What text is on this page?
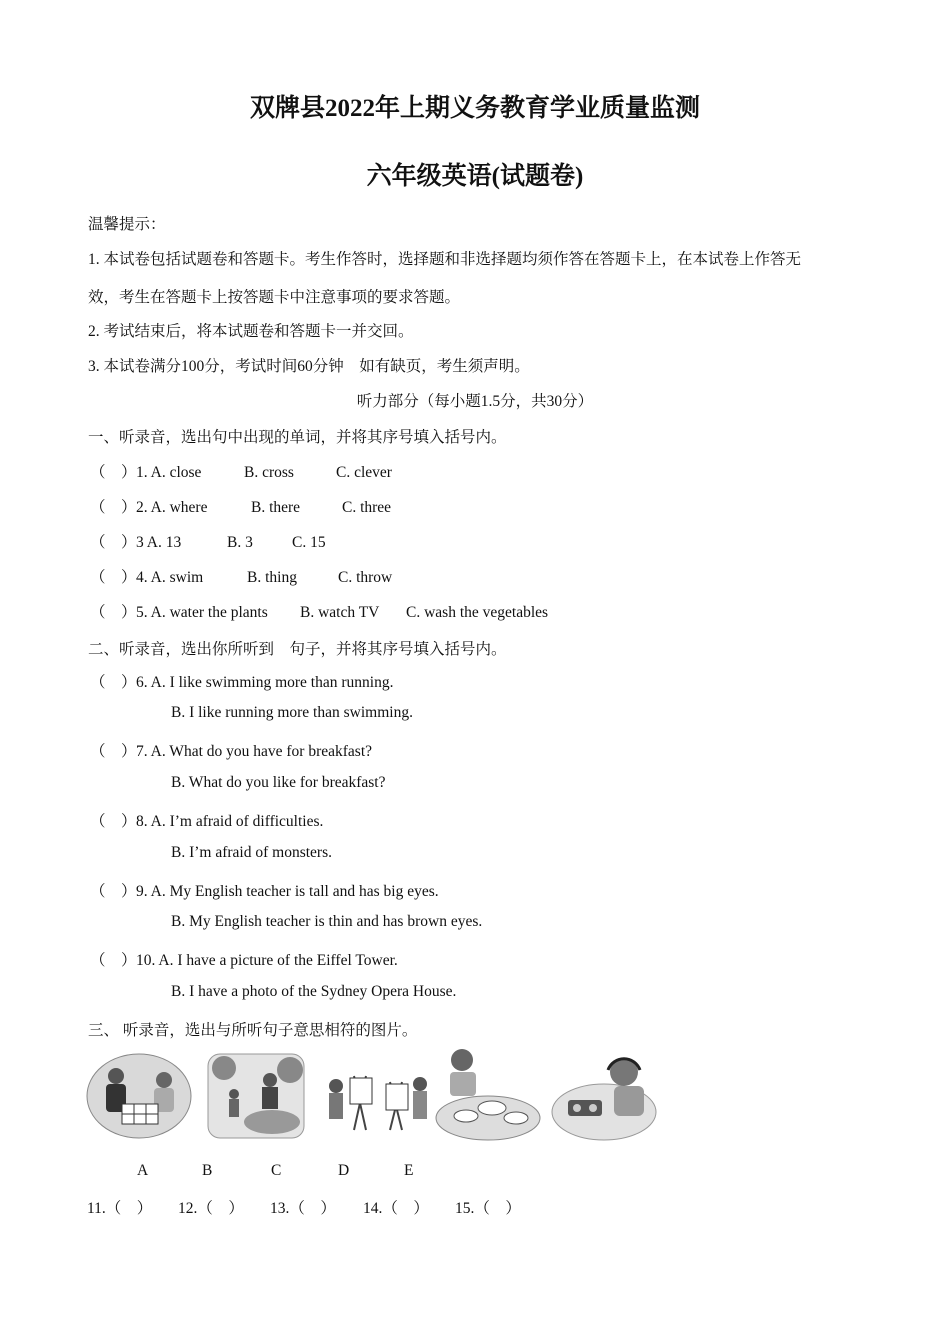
双牌县2022年上期义务教育学业质量监测
六年级英语(试题卷)
温馨提示：
1. 本试卷包括试题卷和答题卡。考生作答时，选择题和非选择题均须作答在答题卡上，在本试卷上作答无
效，考生在答题卡上按答题卡中注意事项的要求答题。
2. 考试结束后，将本试题卷和答题卡一并交回。
3. 本试卷满分100分，考试时间60分钟　如有缺页，考生须声明。
听力部分（每小题1.5分，共30分）
一、听录音，选出句中出现的单词，并将其序号填入括号内。
（　）1. A. close	B. cross	C. clever
（　）2. A. where	B. there	C. three
（　）3 A. 13	B. 3	C. 15
（　）4. A. swim	B. thing	C. throw
（　）5. A. water the plants B. watch TV C. wash the vegetables
二、听录音，选出你所听到　句子，并将其序号填入括号内。
（　）6. A. I like swimming more than running.
B. I like running more than swimming.
（　）7. A. What do you have for breakfast?
B. What do you like for breakfast?
（　）8. A. I’m afraid of difficulties.
B. I’m afraid of monsters.
（　）9. A. My English teacher is tall and has big eyes.
B. My English teacher is thin and has brown eyes.
（　）10. A. I have a picture of the Eiffel Tower.
B. I have a photo of the Sydney Opera House.
三、 听录音，选出与所听句子意思相符的图片。
A	B	C	D	E
11.（　） 12.（　） 13.（　） 14.（　） 15.（　）
